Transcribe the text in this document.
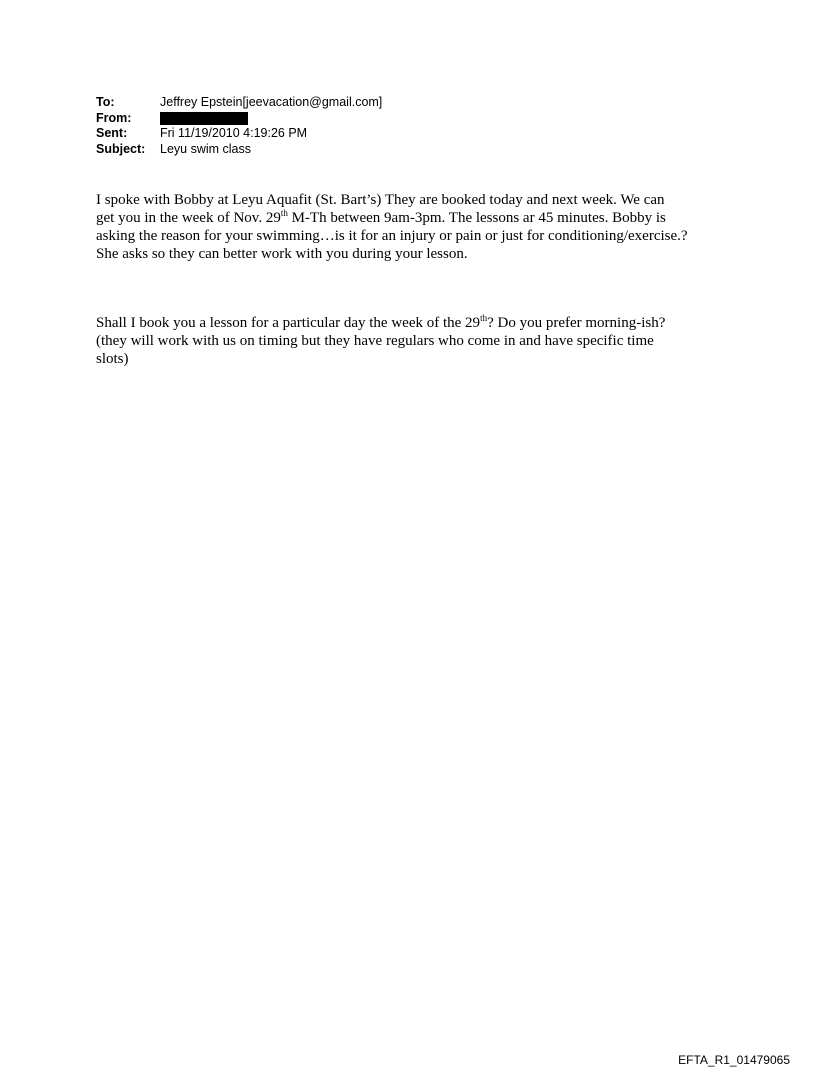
To:	Jeffrey Epstein[jeevacation@gmail.com]
From:
Sent:	Fri 11/19/2010 4:19:26 PM
Subject:	Leyu swim class
I spoke with Bobby at Leyu Aquafit (St. Bart’s) They are booked today and next week. We can
get you in the week of Nov. 29th M-Th between 9am-3pm. The lessons ar 45 minutes. Bobby is
asking the reason for your swimming…is it for an injury or pain or just for conditioning/exercise.?
She asks so they can better work with you during your lesson.
Shall I book you a lesson for a particular day the week of the 29th? Do you prefer morning-ish?
(they will work with us on timing but they have regulars who come in and have specific time
slots)
EFTA_R1_01479065
